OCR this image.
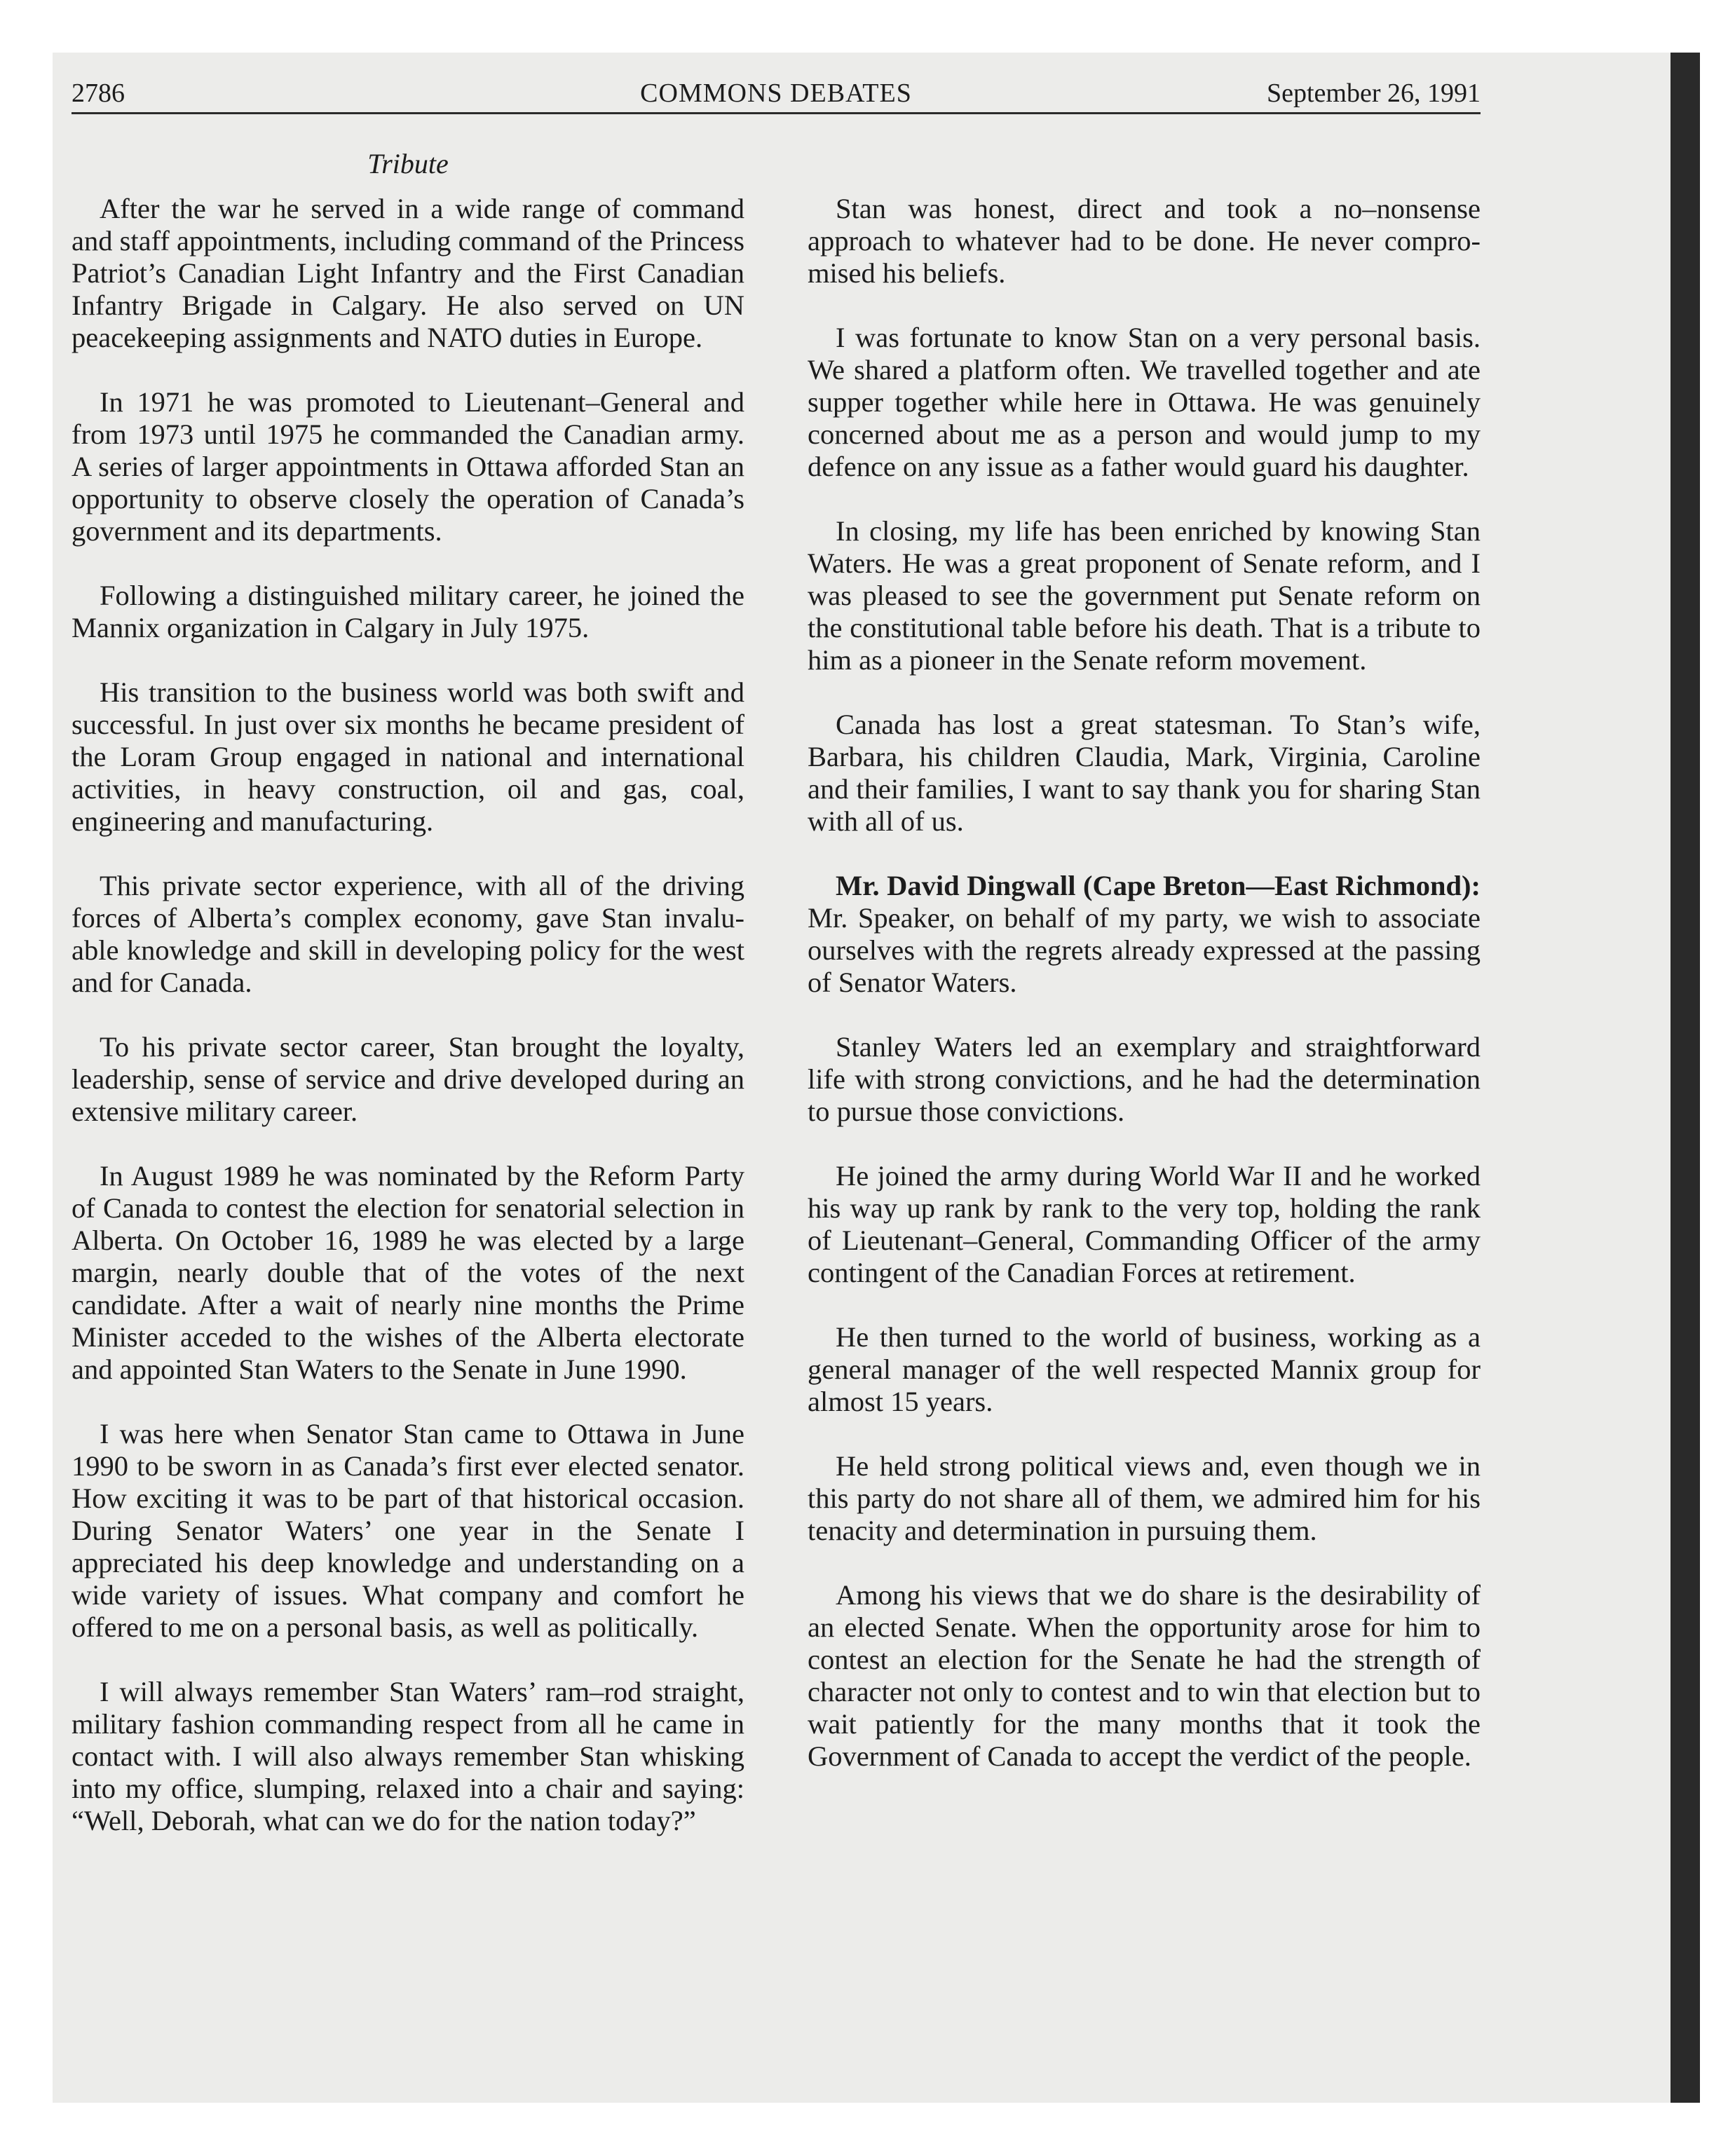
2786	COMMONS DEBATES	September 26, 1991
Tribute

After the war he served in a wide range of command and staff appointments, including command of the Princess Patriot’s Canadian Light Infantry and the First Canadian Infantry Brigade in Calgary. He also served on UN peacekeeping assignments and NATO duties in Europe.

In 1971 he was promoted to Lieutenant–General and from 1973 until 1975 he commanded the Canadian army. A series of larger appointments in Ottawa afforded Stan an opportunity to observe closely the operation of Canada’s government and its departments.

Following a distinguished military career, he joined the Mannix organization in Calgary in July 1975.

His transition to the business world was both swift and successful. In just over six months he became president of the Loram Group engaged in national and international activities, in heavy construction, oil and gas, coal, engineering and manufacturing.

This private sector experience, with all of the driving forces of Alberta’s complex economy, gave Stan invaluable knowledge and skill in developing policy for the west and for Canada.

To his private sector career, Stan brought the loyalty, leadership, sense of service and drive developed during an extensive military career.

In August 1989 he was nominated by the Reform Party of Canada to contest the election for senatorial selection in Alberta. On October 16, 1989 he was elected by a large margin, nearly double that of the votes of the next candidate. After a wait of nearly nine months the Prime Minister acceded to the wishes of the Alberta electorate and appointed Stan Waters to the Senate in June 1990.

I was here when Senator Stan came to Ottawa in June 1990 to be sworn in as Canada’s first ever elected senator. How exciting it was to be part of that historical occasion. During Senator Waters’ one year in the Senate I appreciated his deep knowledge and understanding on a wide variety of issues. What company and comfort he offered to me on a personal basis, as well as politically.

I will always remember Stan Waters’ ram–rod straight, military fashion commanding respect from all he came in contact with. I will also always remember Stan whisking into my office, slumping, relaxed into a chair and saying: “Well, Deborah, what can we do for the nation today?”

Stan was honest, direct and took a no–nonsense approach to whatever had to be done. He never compromised his beliefs.

I was fortunate to know Stan on a very personal basis. We shared a platform often. We travelled together and ate supper together while here in Ottawa. He was genuinely concerned about me as a person and would jump to my defence on any issue as a father would guard his daughter.

In closing, my life has been enriched by knowing Stan Waters. He was a great proponent of Senate reform, and I was pleased to see the government put Senate reform on the constitutional table before his death. That is a tribute to him as a pioneer in the Senate reform movement.

Canada has lost a great statesman. To Stan’s wife, Barbara, his children Claudia, Mark, Virginia, Caroline and their families, I want to say thank you for sharing Stan with all of us.

Mr. David Dingwall (Cape Breton—East Richmond): Mr. Speaker, on behalf of my party, we wish to associate ourselves with the regrets already expressed at the passing of Senator Waters.

Stanley Waters led an exemplary and straightforward life with strong convictions, and he had the determination to pursue those convictions.

He joined the army during World War II and he worked his way up rank by rank to the very top, holding the rank of Lieutenant–General, Commanding Officer of the army contingent of the Canadian Forces at retirement.

He then turned to the world of business, working as a general manager of the well respected Mannix group for almost 15 years.

He held strong political views and, even though we in this party do not share all of them, we admired him for his tenacity and determination in pursuing them.

Among his views that we do share is the desirability of an elected Senate. When the opportunity arose for him to contest an election for the Senate he had the strength of character not only to contest and to win that election but to wait patiently for the many months that it took the Government of Canada to accept the verdict of the people.
